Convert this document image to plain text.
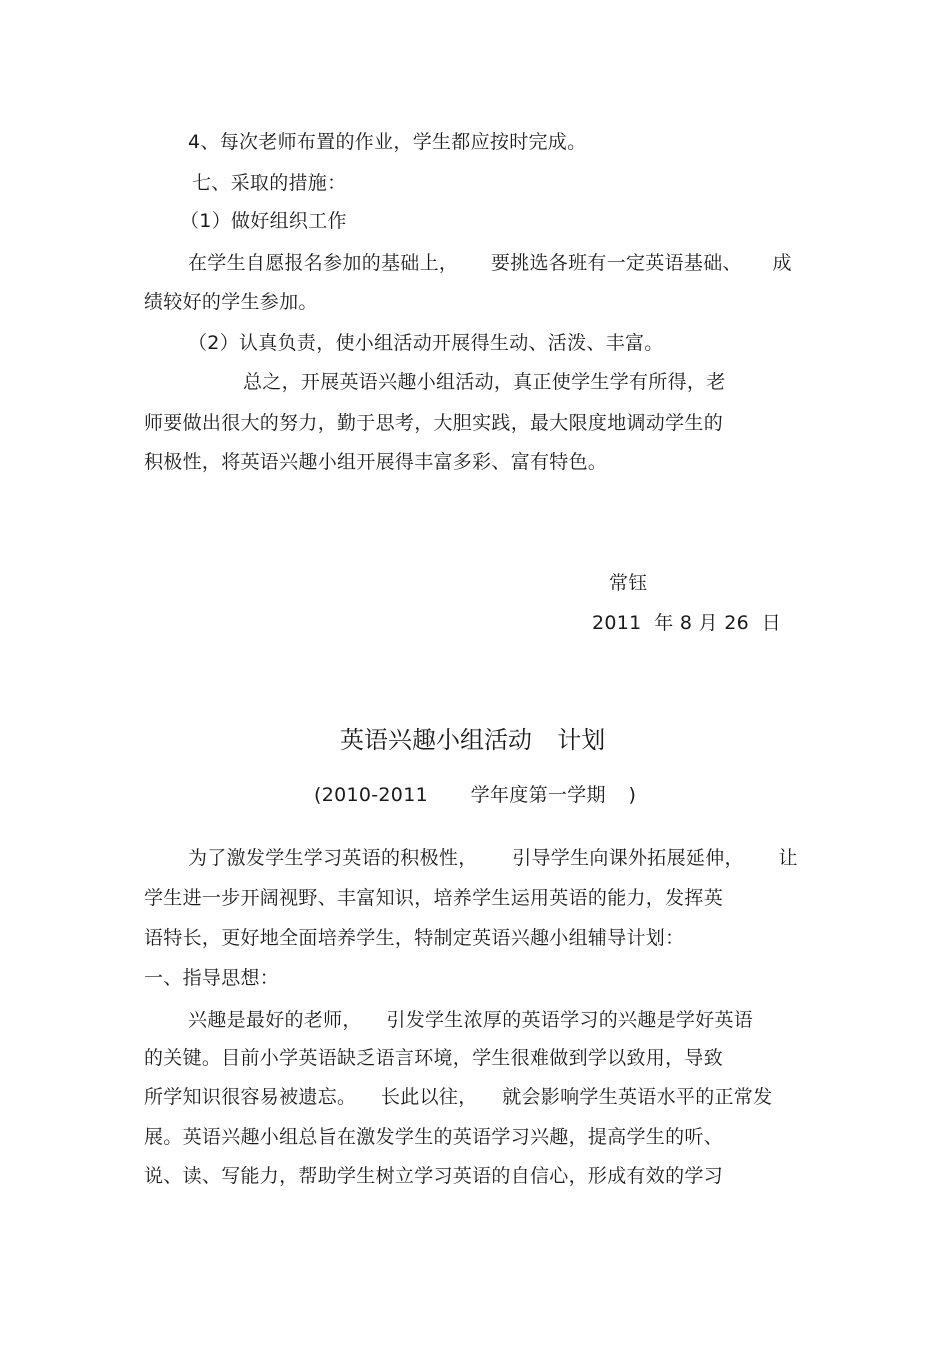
4、每次老师布置的作业，学生都应按时完成。
七、采取的措施：
（1）做好组织工作
在学生自愿报名参加的基础上， 要挑选各班有一定英语基础、 成
绩较好的学生参加。
（2）认真负责，使小组活动开展得生动、活泼、丰富。
总之，开展英语兴趣小组活动，真正使学生学有所得，老
师要做出很大的努力，勤于思考，大胆实践，最大限度地调动学生的
积极性，将英语兴趣小组开展得丰富多彩、富有特色。
常钰
2011  年 8 月 26  日
英语兴趣小组活动 计划
(2010-2011 学年度第一学期 )
为了激发学生学习英语的积极性， 引导学生向课外拓展延伸， 让
学生进一步开阔视野、丰富知识，培养学生运用英语的能力，发挥英
语特长，更好地全面培养学生，特制定英语兴趣小组辅导计划：
一、指导思想：
兴趣是最好的老师， 引发学生浓厚的英语学习的兴趣是学好英语
的关键。目前小学英语缺乏语言环境，学生很难做到学以致用，导致
所学知识很容易被遗忘。 长此以往， 就会影响学生英语水平的正常发
展。英语兴趣小组总旨在激发学生的英语学习兴趣，提高学生的听、
说、读、写能力，帮助学生树立学习英语的自信心，形成有效的学习
